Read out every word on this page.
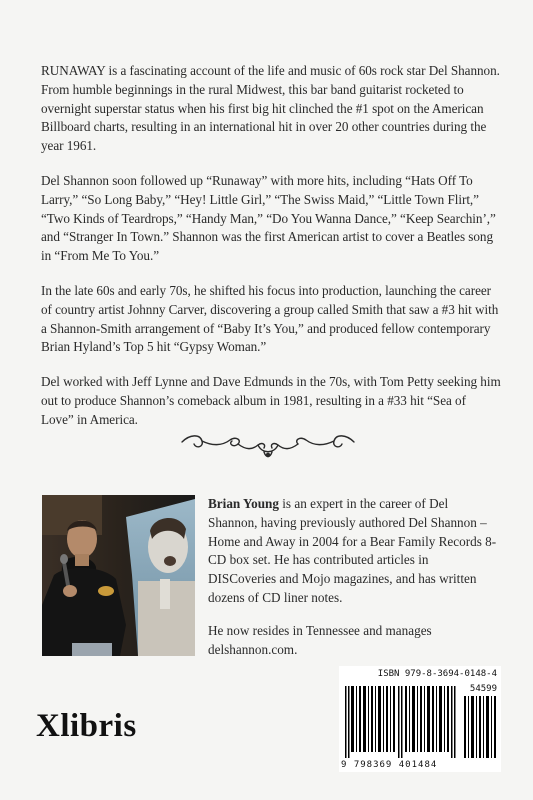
RUNAWAY is a fascinating account of the life and music of 60s rock star Del Shannon. From humble beginnings in the rural Midwest, this bar band guitarist rocketed to overnight superstar status when his first big hit clinched the #1 spot on the American Billboard charts, resulting in an international hit in over 20 other countries during the year 1961.

Del Shannon soon followed up “Runaway” with more hits, including “Hats Off To Larry,” “So Long Baby,” “Hey! Little Girl,” “The Swiss Maid,” “Little Town Flirt,” “Two Kinds of Teardrops,” “Handy Man,” “Do You Wanna Dance,” “Keep Searchin’,” and “Stranger In Town.” Shannon was the first American artist to cover a Beatles song in “From Me To You.”

In the late 60s and early 70s, he shifted his focus into production, launching the career of country artist Johnny Carver, discovering a group called Smith that saw a #3 hit with a Shannon-Smith arrangement of “Baby It’s You,” and produced fellow contemporary Brian Hyland’s Top 5 hit “Gypsy Woman.”

Del worked with Jeff Lynne and Dave Edmunds in the 70s, with Tom Petty seeking him out to produce Shannon’s comeback album in 1981, resulting in a #33 hit “Sea of Love” in America.

Brian Young is an expert in the career of Del Shannon, having previously authored Del Shannon – Home and Away in 2004 for a Bear Family Records 8-CD box set. He has contributed articles in DISCoveries and Mojo magazines, and has written dozens of CD liner notes.

He now resides in Tennessee and manages delshannon.com.

Xlibris
ISBN 979-8-3694-0148-4
54599
9 798369 401484
